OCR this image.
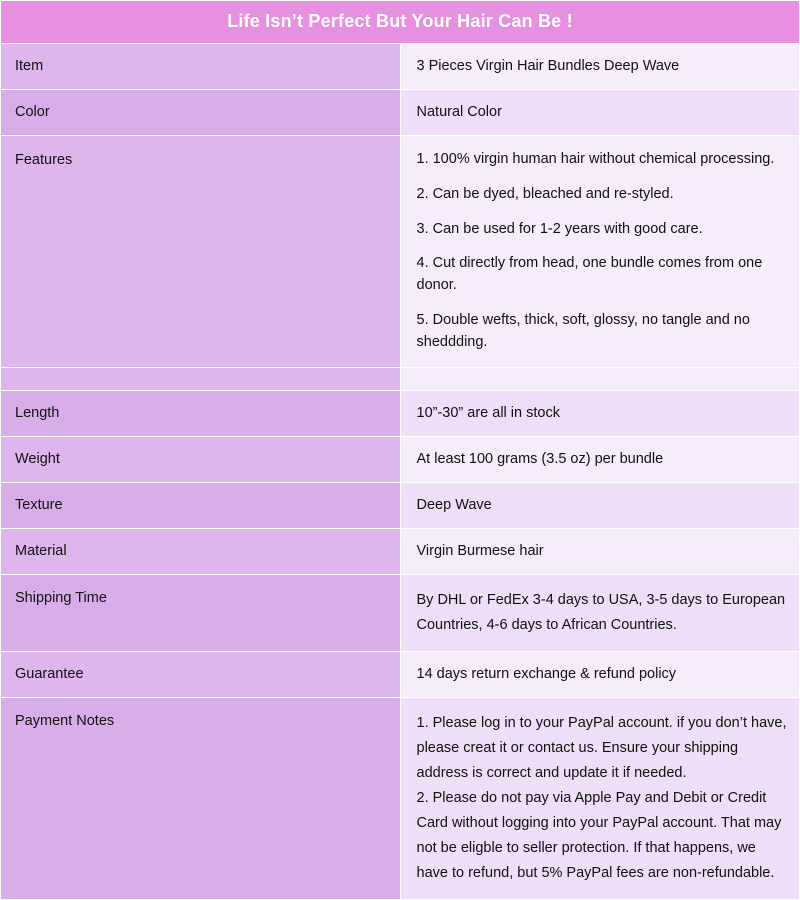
Life Isn’t Perfect But Your Hair Can Be !	
Item	3 Pieces Virgin Hair Bundles Deep Wave
Color	Natural Color
Features	1. 100% virgin human hair without chemical processing.
2. Can be dyed, bleached and re-styled.
3. Can be used for 1-2 years with good care.
4. Cut directly from head, one bundle comes from one donor.
5. Double wefts, thick, soft, glossy, no tangle and no sheddding.

Length	10”-30” are all in stock
Weight	At least 100 grams (3.5 oz) per bundle
Texture	Deep Wave
Material	Virgin Burmese hair
Shipping Time	By DHL or FedEx 3-4 days to USA, 3-5 days to European Countries, 4-6 days to African Countries.

Guarantee	14 days return exchange & refund policy
Payment Notes	1. Please log in to your PayPal account. if you don’t have, please creat it or contact us. Ensure your shipping address is correct and update it if needed.

2. Please do not pay via Apple Pay and Debit or Credit Card without logging into your PayPal account. That may not be eligble to seller protection. If that happens, we have to refund, but 5% PayPal fees are non-refundable.
